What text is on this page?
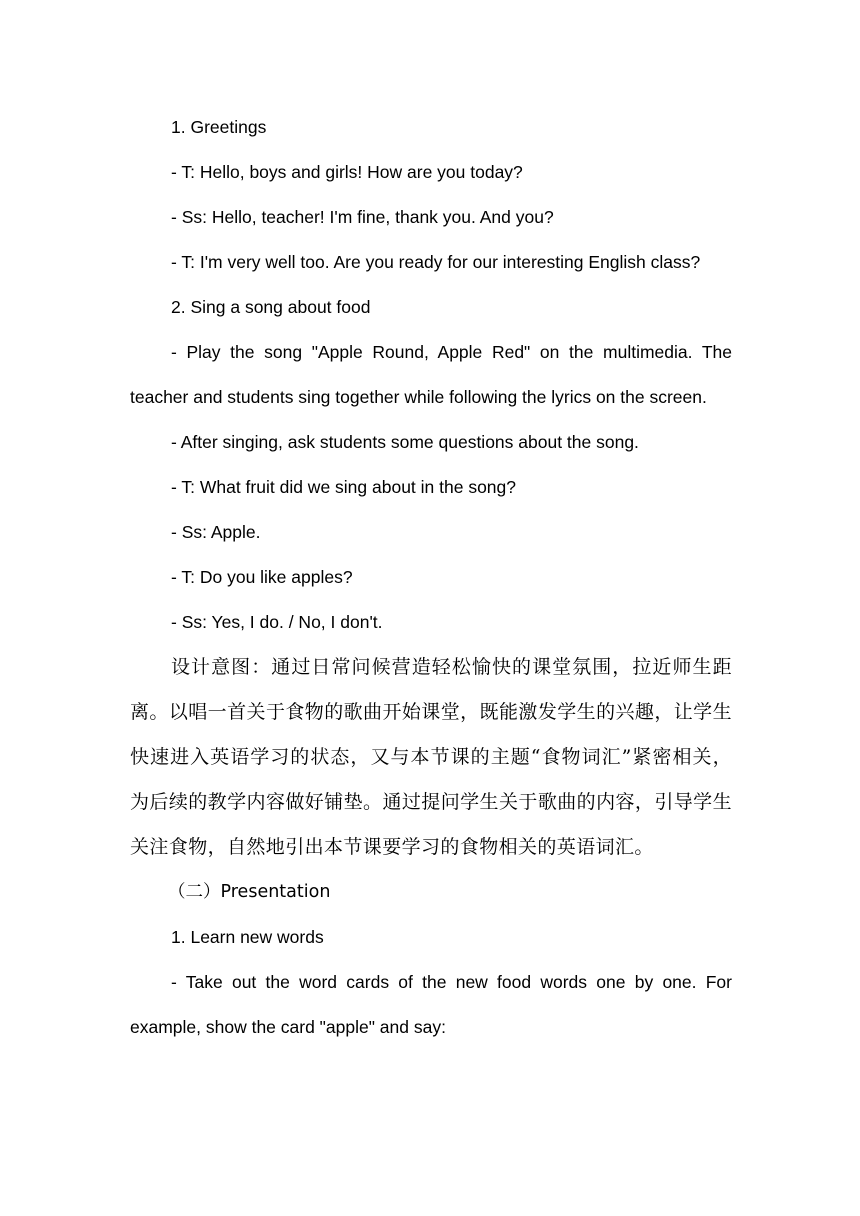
1. Greetings

- T: Hello, boys and girls! How are you today?

- Ss: Hello, teacher! I'm fine, thank you. And you?

- T: I'm very well too. Are you ready for our interesting English class?

2. Sing a song about food

- Play the song "Apple Round, Apple Red" on the multimedia. The teacher and students sing together while following the lyrics on the screen.

- After singing, ask students some questions about the song.

- T: What fruit did we sing about in the song?

- Ss: Apple.

- T: Do you like apples?

- Ss: Yes, I do. / No, I don't.

设计意图：通过日常问候营造轻松愉快的课堂氛围，拉近师生距离。以唱一首关于食物的歌曲开始课堂，既能激发学生的兴趣，让学生快速进入英语学习的状态，又与本节课的主题“食物词汇”紧密相关，为后续的教学内容做好铺垫。通过提问学生关于歌曲的内容，引导学生关注食物，自然地引出本节课要学习的食物相关的英语词汇。

（二）Presentation

1. Learn new words

- Take out the word cards of the new food words one by one. For example, show the card "apple" and say:
